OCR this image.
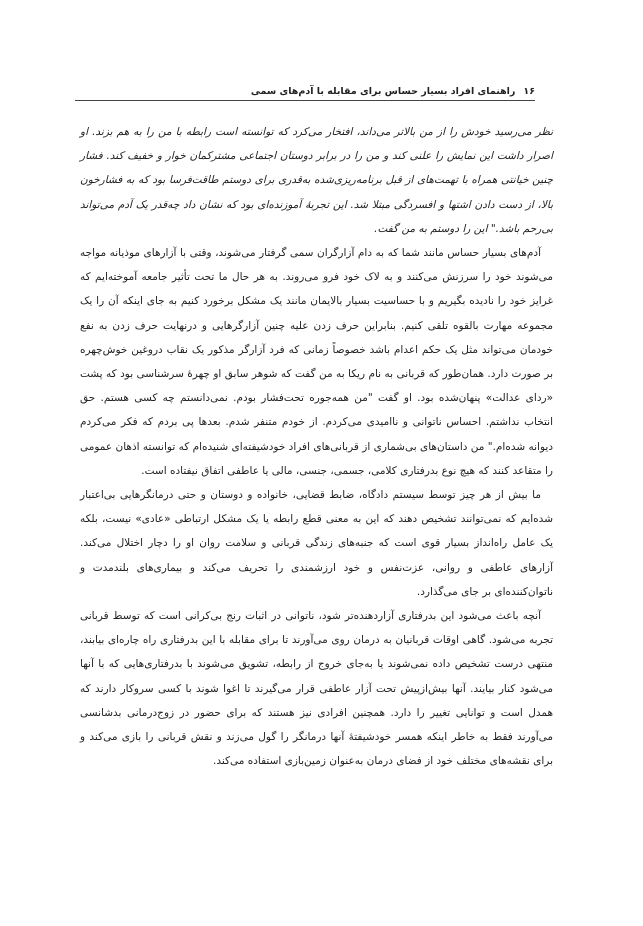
۱۶
راهنمای افراد بسیار حساس برای مقابله با آدم‌های سمی

نظر می‌رسید خودش را از من بالاتر می‌داند، افتخار می‌کرد که توانسته است رابطه با من را به هم بزند. او اصرار داشت این نمایش را علنی کند و من را در برابر دوستان اجتماعی مشترکمان خوار و خفیف کند. فشار چنین خیانتی همراه با تهمت‌های از قبل برنامه‌ریزی‌شده به‌قدری برای دوستم طاقت‌فرسا بود که به فشارخون بالا، از دست دادن اشتها و افسردگی مبتلا شد. این تجربهٔ آموزنده‌ای بود که نشان داد چه‌قدر یک آدم می‌تواند بی‌رحم باشد." این را دوستم به من گفت.

آدم‌های بسیار حساس مانند شما که به دام آزارگران سمی گرفتار می‌شوند، وقتی با آزارهای موذیانه مواجه می‌شوند خود را سرزنش می‌کنند و به لاک خود فرو می‌روند. به هر حال ما تحت تأثیر جامعه آموخته‌ایم که غرایز خود را نادیده بگیریم و با حساسیت بسیار بالایمان مانند یک مشکل برخورد کنیم به جای اینکه آن را یک مجموعه مهارت بالقوه تلقی کنیم. بنابراین حرف زدن علیه چنین آزارگرهایی و درنهایت حرف زدن به نفع خودمان می‌تواند مثل یک حکم اعدام باشد خصوصاً زمانی که فرد آزارگر مذکور یک نقاب دروغین خوش‌چهره بر صورت دارد. همان‌طور که قربانی به نام ریکا به من گفت که شوهر سابق او چهرهٔ سرشناسی بود که پشت «ردای عدالت» پنهان‌شده بود. او گفت "من همه‌جوره تحت‌فشار بودم. نمی‌دانستم چه کسی هستم. حق انتخاب نداشتم. احساس ناتوانی و ناامیدی می‌کردم. از خودم متنفر شدم. بعدها پی بردم که فکر می‌کردم دیوانه شده‌ام." من داستان‌های بی‌شماری از قربانی‌های افراد خودشیفته‌ای شنیده‌ام که توانسته اذهان عمومی را متقاعد کنند که هیچ نوع بدرفتاری کلامی، جسمی، جنسی، مالی یا عاطفی اتفاق نیفتاده است.

ما بیش از هر چیز توسط سیستم دادگاه، ضابط قضایی، خانواده و دوستان و حتی درمانگرهایی بی‌اعتبار شده‌ایم که نمی‌توانند تشخیص دهند که این به معنی قطع رابطه یا یک مشکل ارتباطی «عادی» نیست، بلکه یک عامل راه‌انداز بسیار قوی است که جنبه‌های زندگی قربانی و سلامت روان او را دچار اختلال می‌کند. آزارهای عاطفی و روانی، عزت‌نفس و خود ارزشمندی را تحریف می‌کند و بیماری‌های بلندمدت و ناتوان‌کننده‌ای بر جای می‌گذارد.

آنچه باعث می‌شود این بدرفتاری آزاردهنده‌تر شود، ناتوانی در اثبات رنج بی‌کرانی است که توسط قربانی تجربه می‌شود. گاهی اوقات قربانیان به درمان روی می‌آورند تا برای مقابله با این بدرفتاری راه چاره‌ای بیابند، منتهی درست تشخیص داده نمی‌شوند یا به‌جای خروج از رابطه، تشویق می‌شوند با بدرفتاری‌هایی که با آنها می‌شود کنار بیایند. آنها بیش‌ازپیش تحت آزار عاطفی قرار می‌گیرند تا اغوا شوند با کسی سروکار دارند که همدل است و توانایی تغییر را دارد. همچنین افرادی نیز هستند که برای حضور در زوج‌درمانی بدشانسی می‌آورند فقط به خاطر اینکه همسر خودشیفتهٔ آنها درمانگر را گول می‌زند و نقش قربانی را بازی می‌کند و برای نقشه‌های مختلف خود از فضای درمان به‌عنوان زمین‌بازی استفاده می‌کند.
